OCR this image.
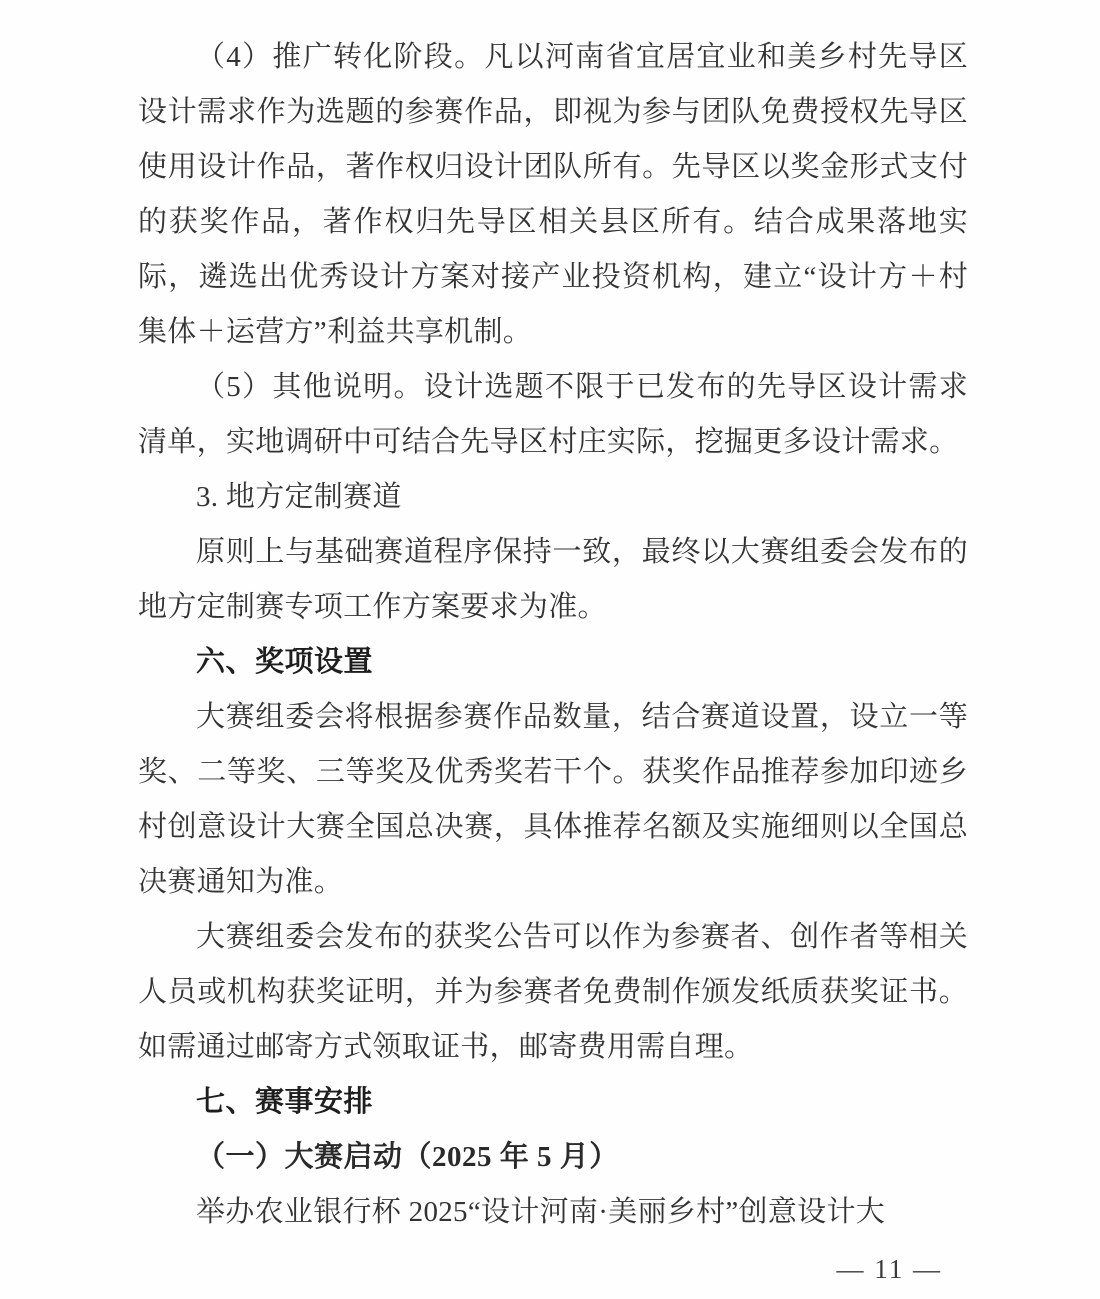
（4）推广转化阶段。凡以河南省宜居宜业和美乡村先导区设计需求作为选题的参赛作品，即视为参与团队免费授权先导区使用设计作品，著作权归设计团队所有。先导区以奖金形式支付的获奖作品，著作权归先导区相关县区所有。结合成果落地实际，遴选出优秀设计方案对接产业投资机构，建立“设计方＋村集体＋运营方”利益共享机制。

（5）其他说明。设计选题不限于已发布的先导区设计需求清单，实地调研中可结合先导区村庄实际，挖掘更多设计需求。

3. 地方定制赛道

原则上与基础赛道程序保持一致，最终以大赛组委会发布的地方定制赛专项工作方案要求为准。

六、奖项设置

大赛组委会将根据参赛作品数量，结合赛道设置，设立一等奖、二等奖、三等奖及优秀奖若干个。获奖作品推荐参加印迹乡村创意设计大赛全国总决赛，具体推荐名额及实施细则以全国总决赛通知为准。

大赛组委会发布的获奖公告可以作为参赛者、创作者等相关人员或机构获奖证明，并为参赛者免费制作颁发纸质获奖证书。如需通过邮寄方式领取证书，邮寄费用需自理。

七、赛事安排

（一）大赛启动（2025 年 5 月）

举办农业银行杯 2025“设计河南·美丽乡村”创意设计大

— 11 —
